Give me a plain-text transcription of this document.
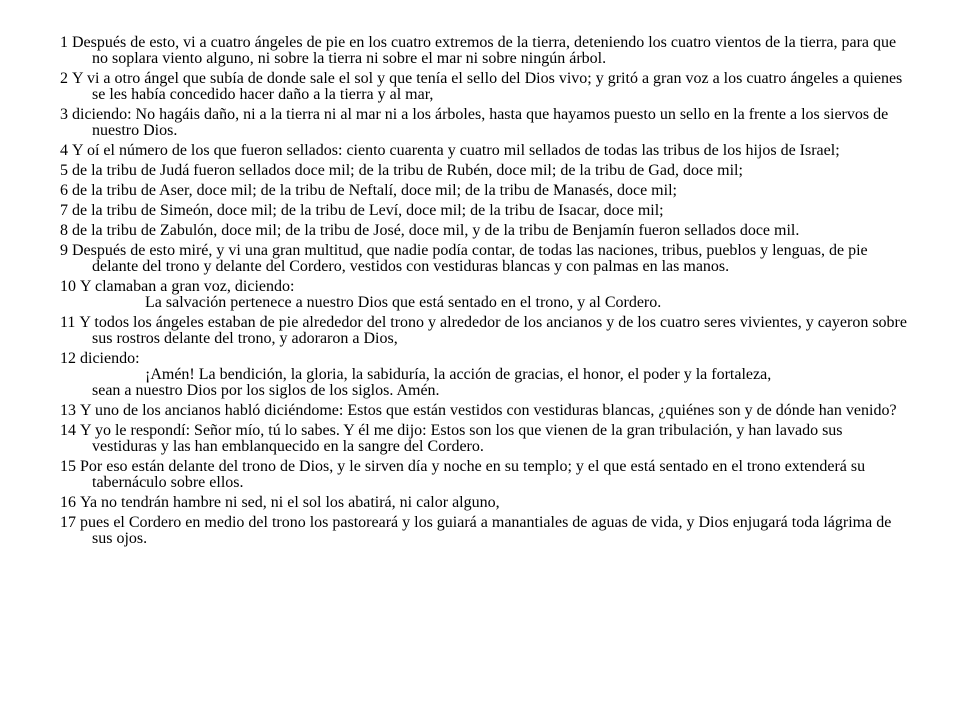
1 Después de esto, vi a cuatro ángeles de pie en los cuatro extremos de la tierra, deteniendo los cuatro vientos de la tierra, para que no soplara viento alguno, ni sobre la tierra ni sobre el mar ni sobre ningún árbol.

2 Y vi a otro ángel que subía de donde sale el sol y que tenía el sello del Dios vivo; y gritó a gran voz a los cuatro ángeles a quienes se les había concedido hacer daño a la tierra y al mar,

3 diciendo: No hagáis daño, ni a la tierra ni al mar ni a los árboles, hasta que hayamos puesto un sello en la frente a los siervos de nuestro Dios.

4 Y oí el número de los que fueron sellados: ciento cuarenta y cuatro mil sellados de todas las tribus de los hijos de Israel;

5 de la tribu de Judá fueron sellados doce mil; de la tribu de Rubén, doce mil; de la tribu de Gad, doce mil;

6 de la tribu de Aser, doce mil; de la tribu de Neftalí, doce mil; de la tribu de Manasés, doce mil;

7 de la tribu de Simeón, doce mil; de la tribu de Leví, doce mil; de la tribu de Isacar, doce mil;

8 de la tribu de Zabulón, doce mil; de la tribu de José, doce mil, y de la tribu de Benjamín fueron sellados doce mil.

9 Después de esto miré, y vi una gran multitud, que nadie podía contar, de todas las naciones, tribus, pueblos y lenguas, de pie delante del trono y delante del Cordero, vestidos con vestiduras blancas y con palmas en las manos.

10 Y clamaban a gran voz, diciendo:
La salvación pertenece a nuestro Dios que está sentado en el trono, y al Cordero.

11 Y todos los ángeles estaban de pie alrededor del trono y alrededor de los ancianos y de los cuatro seres vivientes, y cayeron sobre sus rostros delante del trono, y adoraron a Dios,

12 diciendo:
¡Amén! La bendición, la gloria, la sabiduría, la acción de gracias, el honor, el poder y la fortaleza,
sean a nuestro Dios por los siglos de los siglos. Amén.

13 Y uno de los ancianos habló diciéndome: Estos que están vestidos con vestiduras blancas, ¿quiénes son y de dónde han venido?

14 Y yo le respondí: Señor mío, tú lo sabes. Y él me dijo: Estos son los que vienen de la gran tribulación, y han lavado sus vestiduras y las han emblanquecido en la sangre del Cordero.

15 Por eso están delante del trono de Dios, y le sirven día y noche en su templo; y el que está sentado en el trono extenderá su tabernáculo sobre ellos.

16 Ya no tendrán hambre ni sed, ni el sol los abatirá, ni calor alguno,

17 pues el Cordero en medio del trono los pastoreará y los guiará a manantiales de aguas de vida, y Dios enjugará toda lágrima de sus ojos.
